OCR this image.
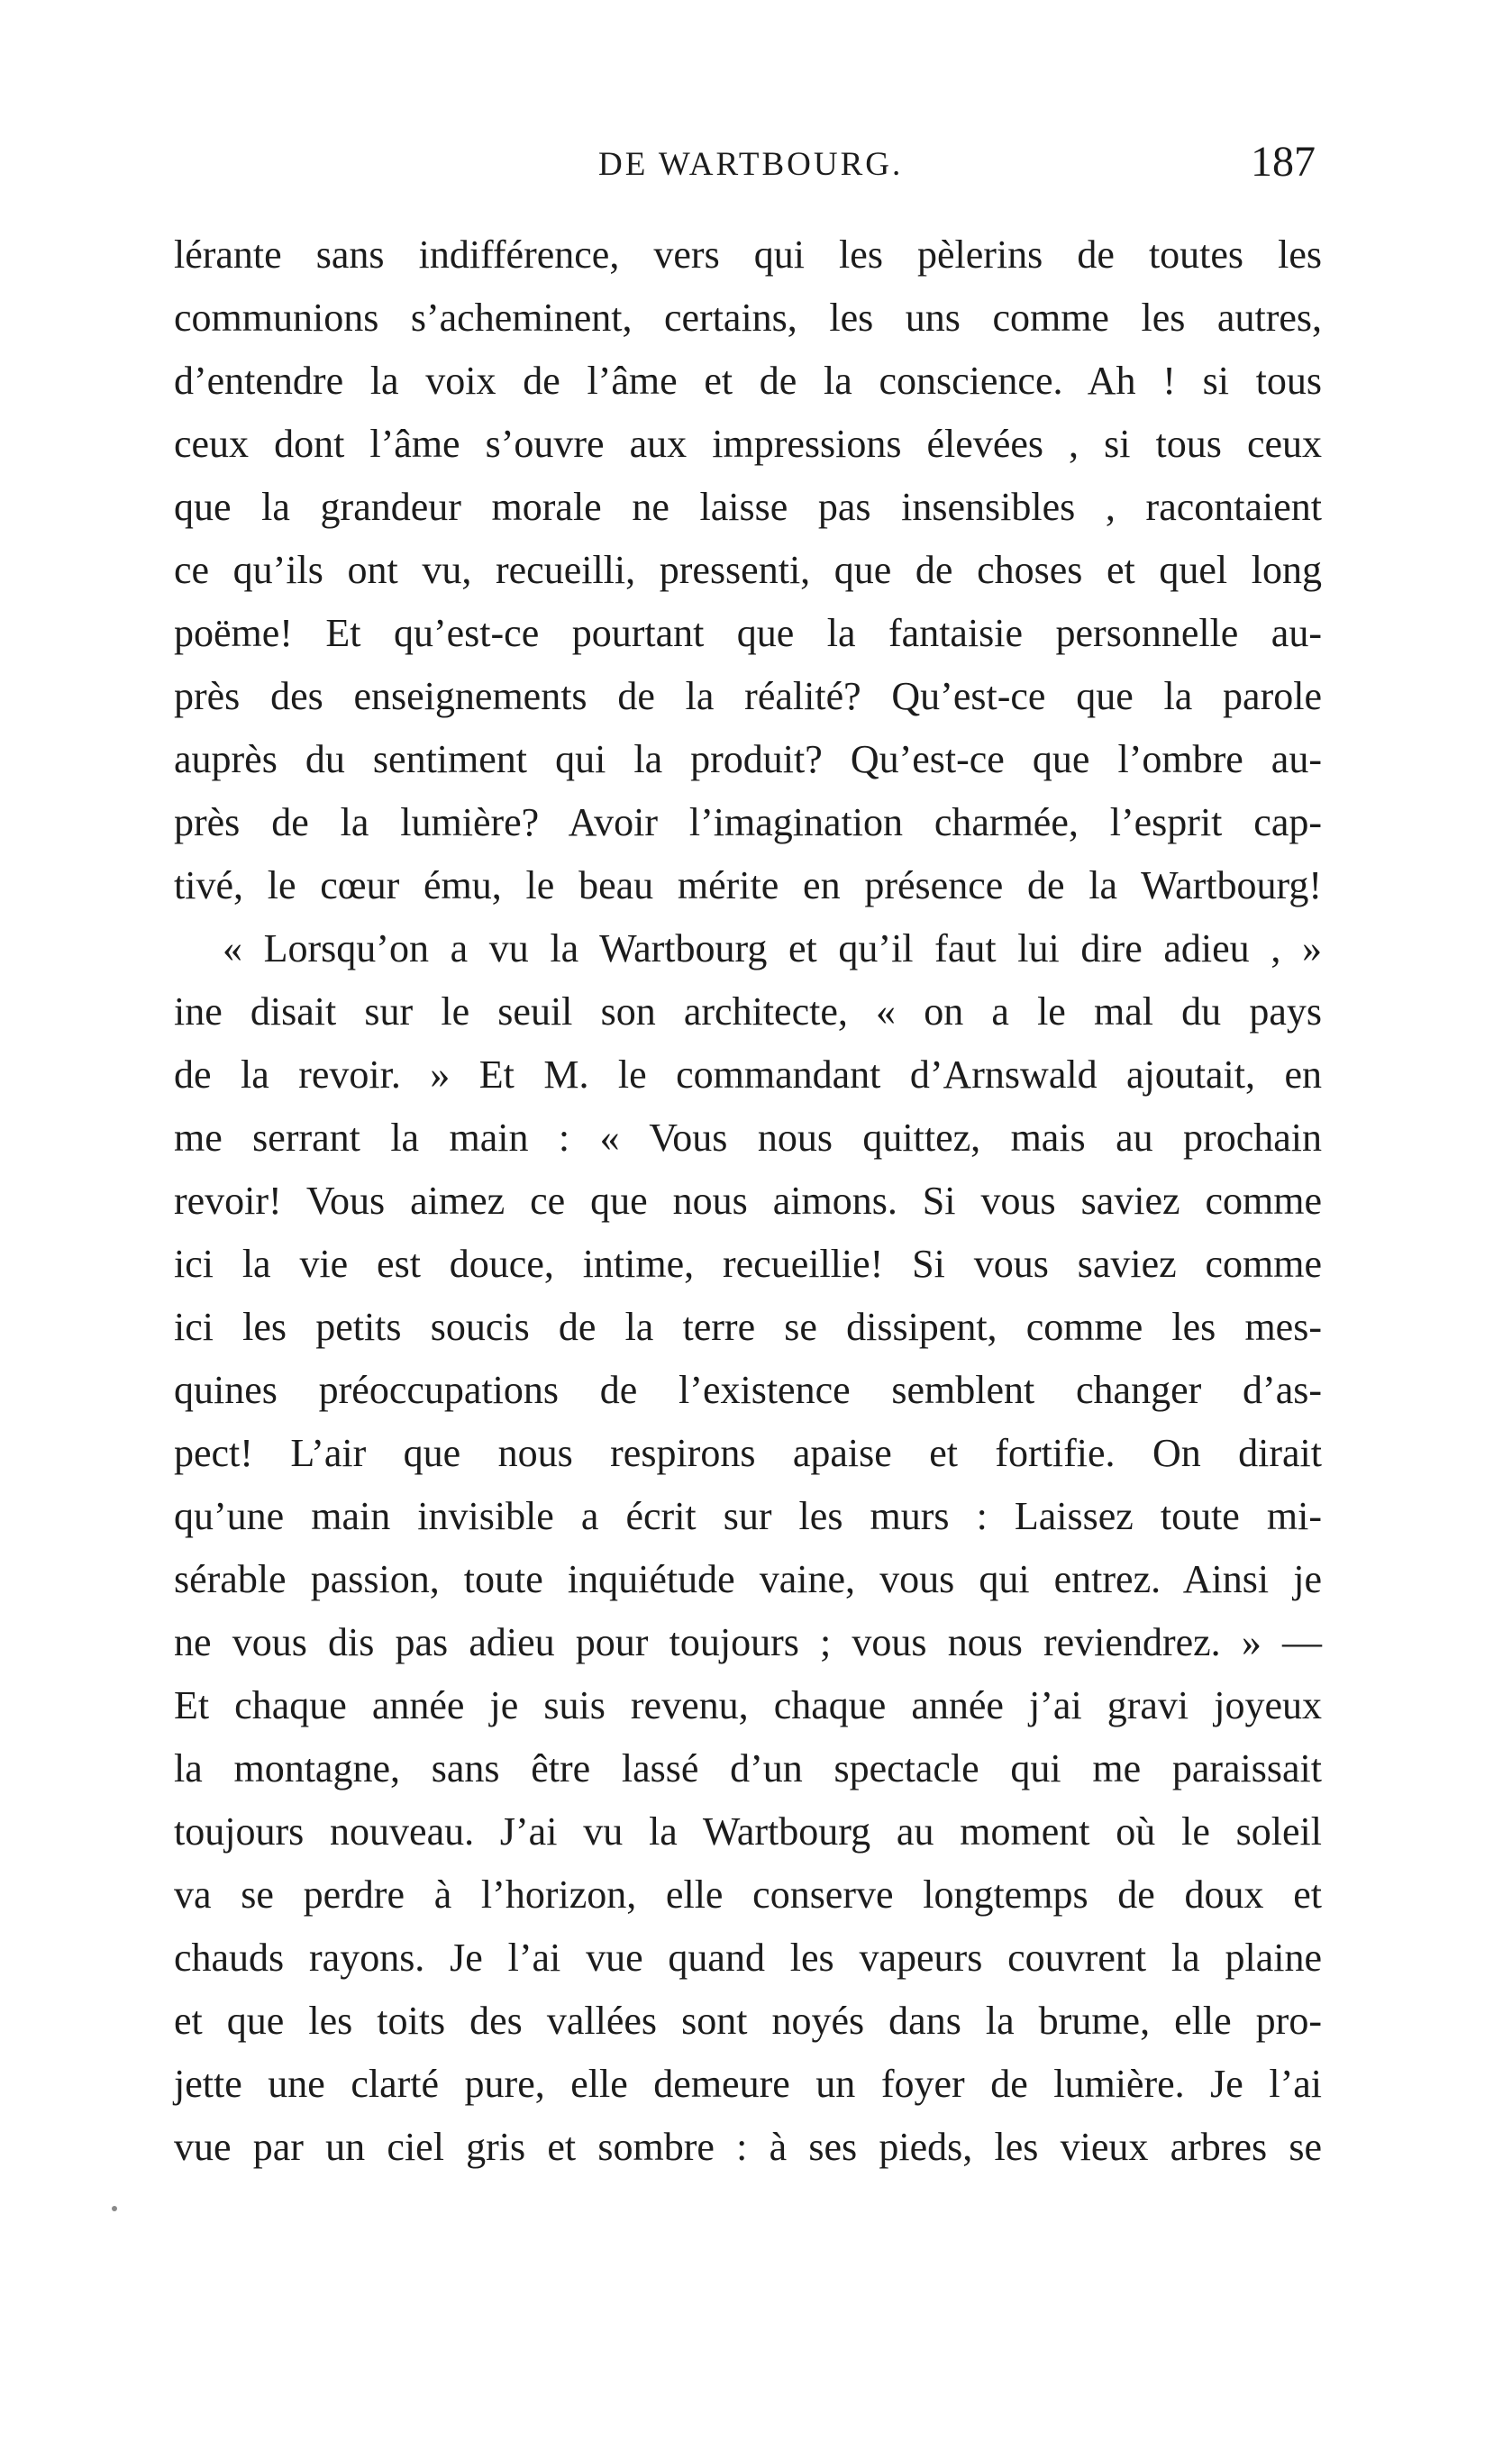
DE WARTBOURG.	187
lérante sans indifférence, vers qui les pèlerins de toutes les
communions s’acheminent, certains, les uns comme les autres,
d’entendre la voix de l’âme et de la conscience. Ah ! si tous
ceux dont l’âme s’ouvre aux impressions élevées , si tous ceux
que la grandeur morale ne laisse pas insensibles , racontaient
ce qu’ils ont vu, recueilli, pressenti, que de choses et quel long
poëme! Et qu’est-ce pourtant que la fantaisie personnelle au-
près des enseignements de la réalité? Qu’est-ce que la parole
auprès du sentiment qui la produit? Qu’est-ce que l’ombre au-
près de la lumière? Avoir l’imagination charmée, l’esprit cap-
tivé, le cœur ému, le beau mérite en présence de la Wartbourg!
« Lorsqu’on a vu la Wartbourg et qu’il faut lui dire adieu , »
ine disait sur le seuil son architecte, « on a le mal du pays
de la revoir. » Et M. le commandant d’Arnswald ajoutait, en
me serrant la main : « Vous nous quittez, mais au prochain
revoir! Vous aimez ce que nous aimons. Si vous saviez comme
ici la vie est douce, intime, recueillie! Si vous saviez comme
ici les petits soucis de la terre se dissipent, comme les mes-
quines préoccupations de l’existence semblent changer d’as-
pect! L’air que nous respirons apaise et fortifie. On dirait
qu’une main invisible a écrit sur les murs : Laissez toute mi-
sérable passion, toute inquiétude vaine, vous qui entrez. Ainsi je
ne vous dis pas adieu pour toujours ; vous nous reviendrez. » —
Et chaque année je suis revenu, chaque année j’ai gravi joyeux
la montagne, sans être lassé d’un spectacle qui me paraissait
toujours nouveau. J’ai vu la Wartbourg au moment où le soleil
va se perdre à l’horizon, elle conserve longtemps de doux et
chauds rayons. Je l’ai vue quand les vapeurs couvrent la plaine
et que les toits des vallées sont noyés dans la brume, elle pro-
jette une clarté pure, elle demeure un foyer de lumière. Je l’ai
vue par un ciel gris et sombre : à ses pieds, les vieux arbres se
